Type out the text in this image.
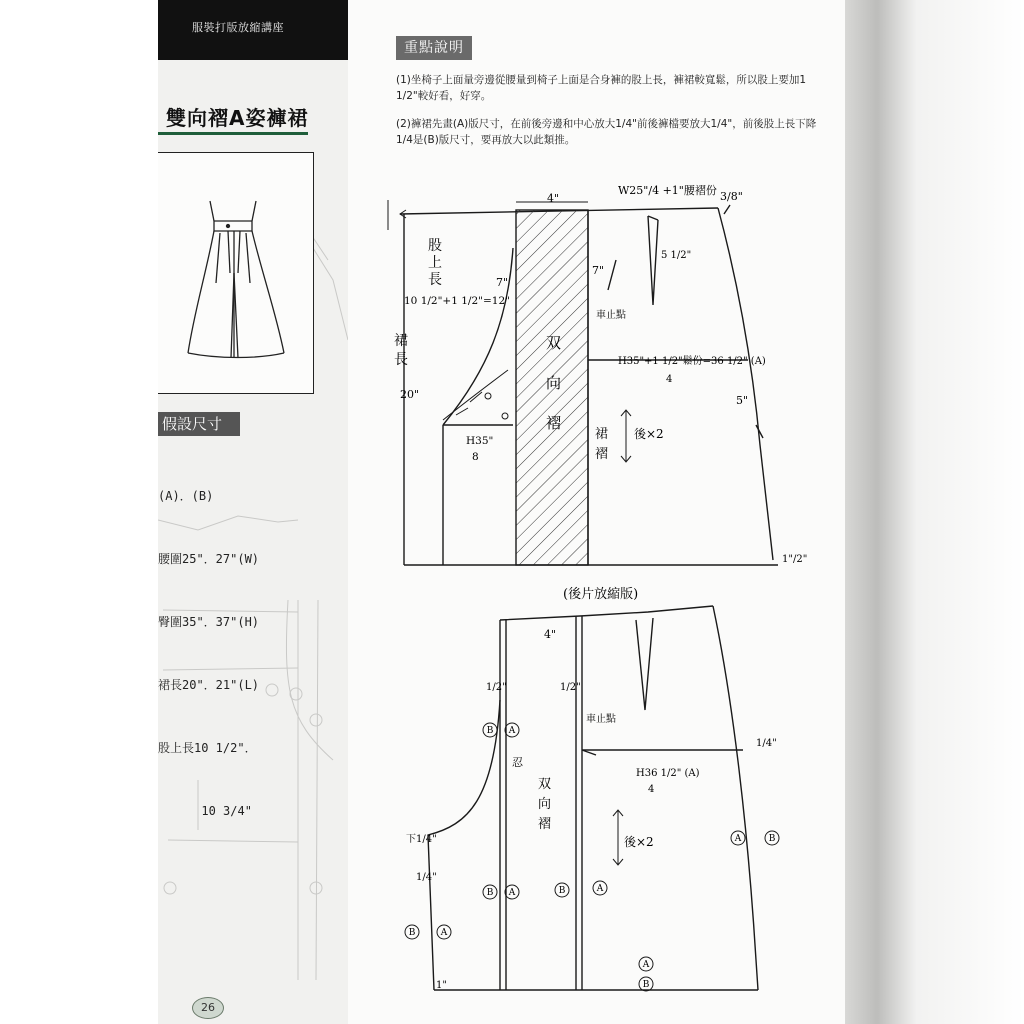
服裝打版放縮講座
雙向褶A姿褲裙
假設尺寸

(A)．(B)

腰圍25"．27"(W)

臀圍35"．37"(H)

裙長20"．21"(L)

股上長10 1/2"．

10 3/4"

26
重點說明
(1)坐椅子上面量旁邊從腰量到椅子上面是合身褲的股上長，褲裙較寬鬆，所以股上要加1 1/2"較好看，好穿。
(2)褲裙先畫(A)版尺寸，在前後旁邊和中心放大1/4"前後褲檔要放大1/4"，前後股上長下降1/4是(B)版尺寸，要再放大以此類推。
4"
W25"/4 +1"腰褶份 3/8"
7"
7"
5 1/2"
股
上
長
10 1/2"+1 1/2"=12"
裙
長
20"
車止點
H35"+1 1/2"鬆份=36 1/2" (A)
4
5"
双
向
褶
裙
褶
後×2
H35"
8
1"/2"
(後片放縮版)
4"
1/2"	1/2"
車止點
1/4"
H36 1/2" (A)
4
双
向
褶
忍
後×2
1"
下1/4"
1/4"
B A
B A	B	A
A	B
B	A
A
B
